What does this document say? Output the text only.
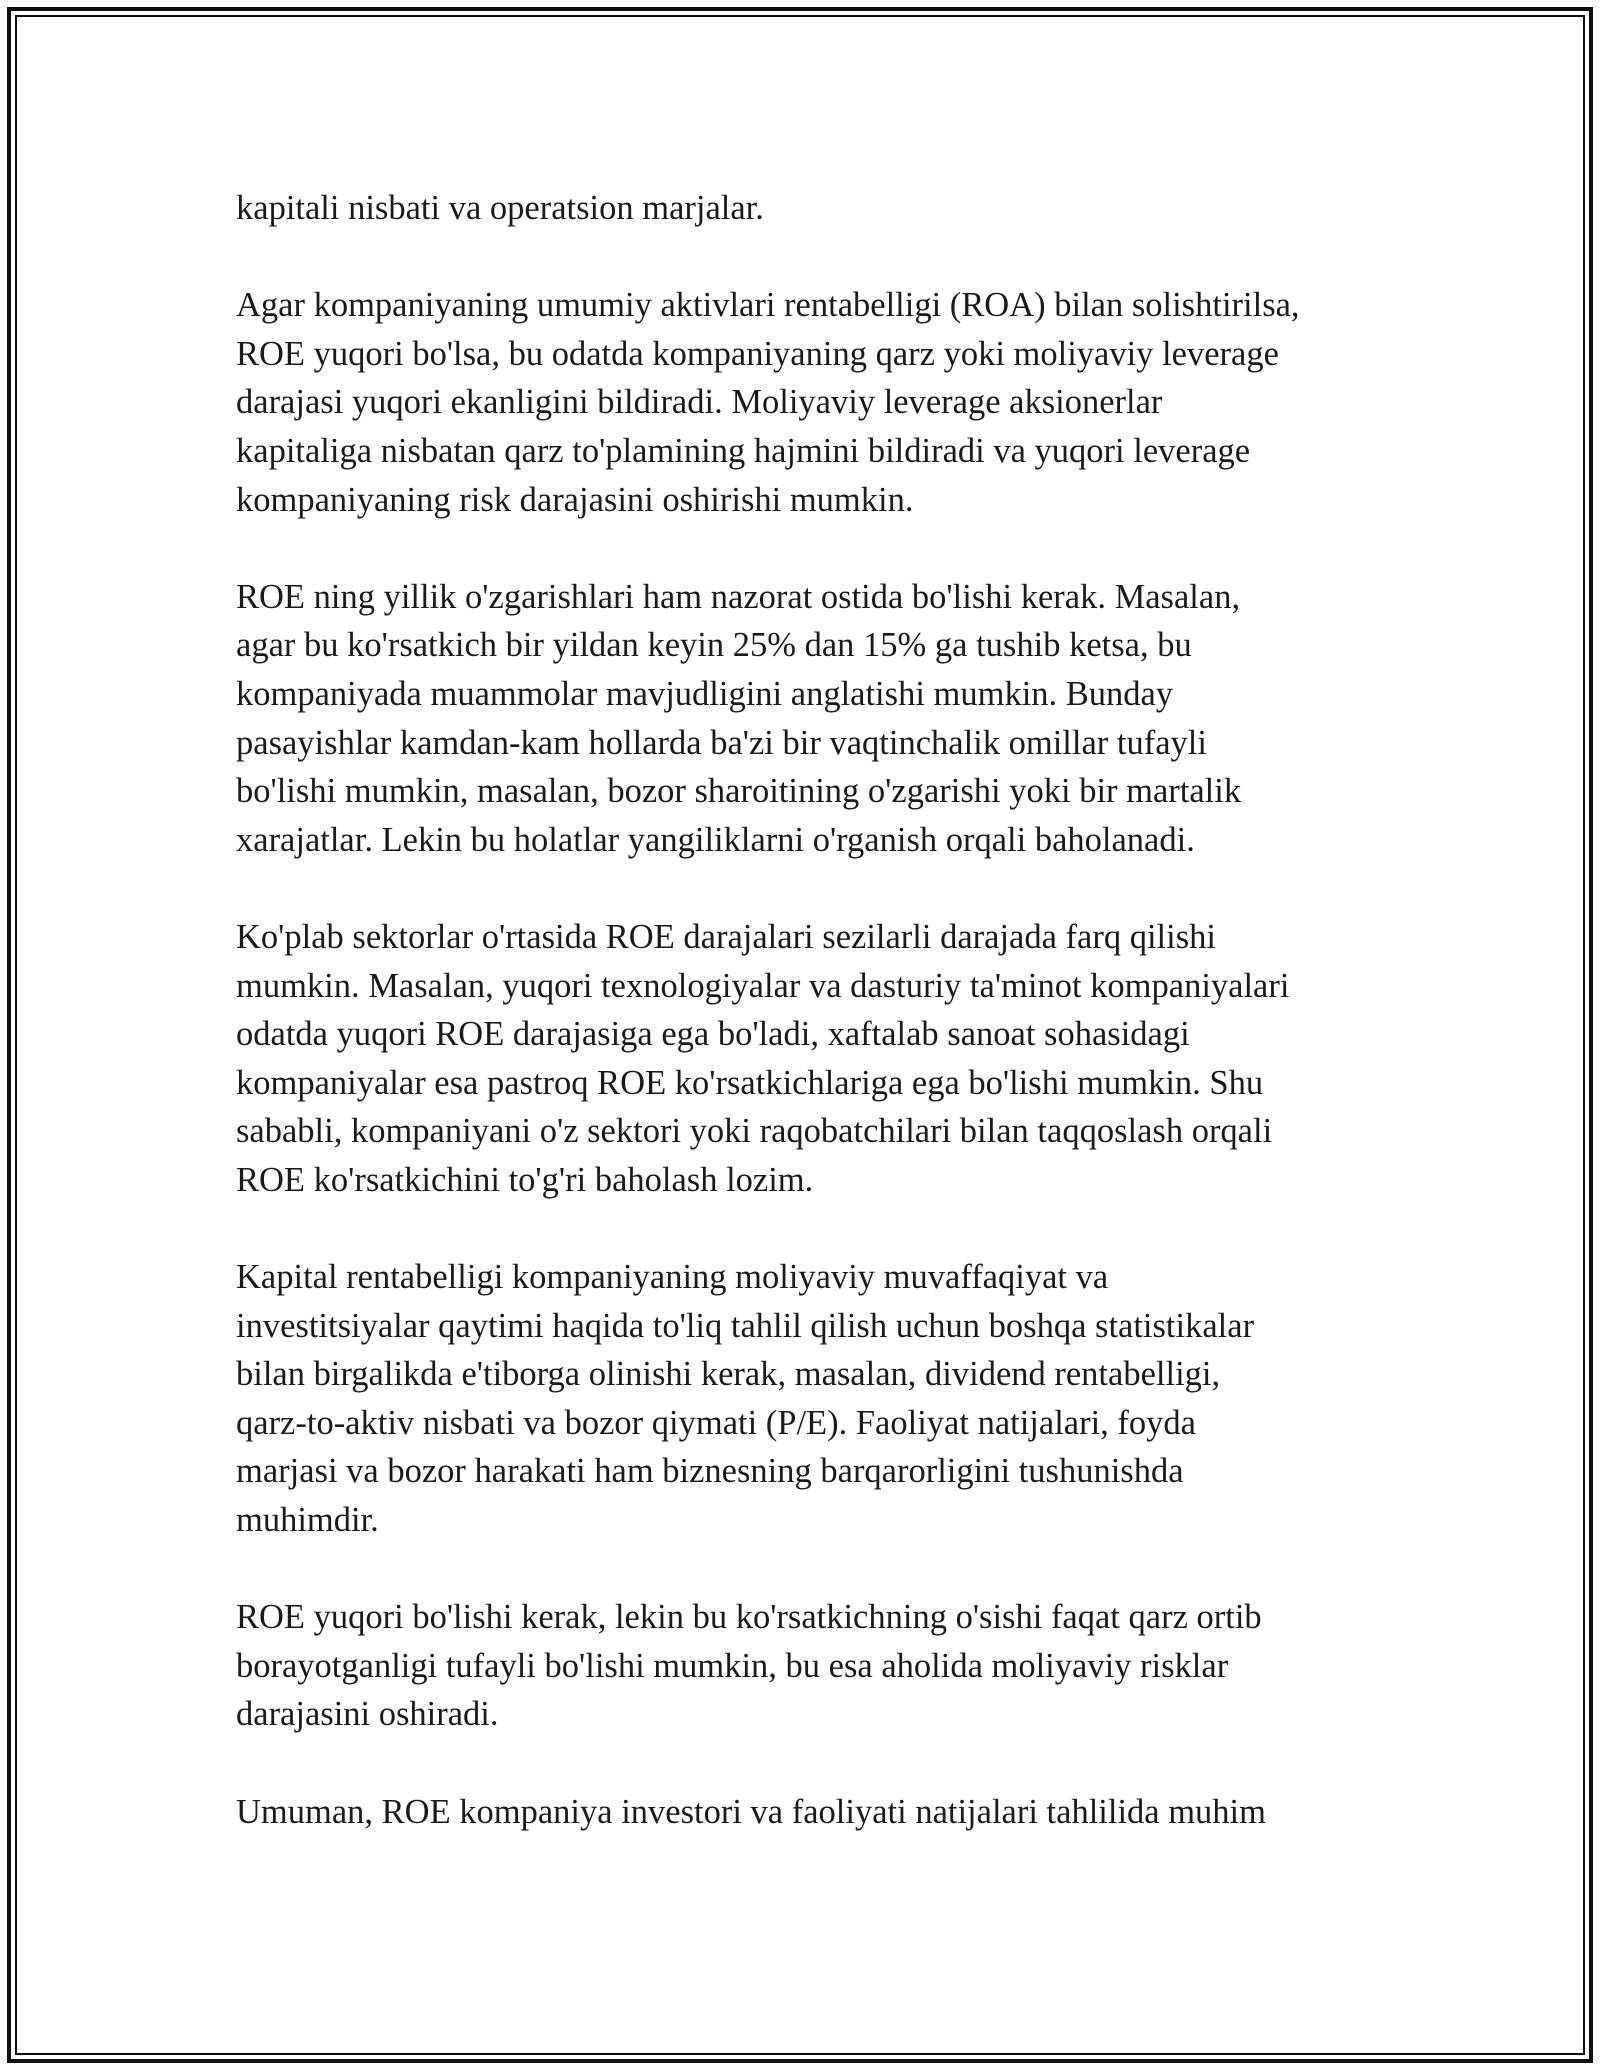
kapitali nisbati va operatsion marjalar.

Agar kompaniyaning umumiy aktivlari rentabelligi (ROA) bilan solishtirilsa,
ROE yuqori bo'lsa, bu odatda kompaniyaning qarz yoki moliyaviy leverage
darajasi yuqori ekanligini bildiradi. Moliyaviy leverage aksionerlar
kapitaliga nisbatan qarz to'plamining hajmini bildiradi va yuqori leverage
kompaniyaning risk darajasini oshirishi mumkin.

ROE ning yillik o'zgarishlari ham nazorat ostida bo'lishi kerak. Masalan,
agar bu ko'rsatkich bir yildan keyin 25% dan 15% ga tushib ketsa, bu
kompaniyada muammolar mavjudligini anglatishi mumkin. Bunday
pasayishlar kamdan-kam hollarda ba'zi bir vaqtinchalik omillar tufayli
bo'lishi mumkin, masalan, bozor sharoitining o'zgarishi yoki bir martalik
xarajatlar. Lekin bu holatlar yangiliklarni o'rganish orqali baholanadi.

Ko'plab sektorlar o'rtasida ROE darajalari sezilarli darajada farq qilishi
mumkin. Masalan, yuqori texnologiyalar va dasturiy ta'minot kompaniyalari
odatda yuqori ROE darajasiga ega bo'ladi, xaftalab sanoat sohasidagi
kompaniyalar esa pastroq ROE ko'rsatkichlariga ega bo'lishi mumkin. Shu
sababli, kompaniyani o'z sektori yoki raqobatchilari bilan taqqoslash orqali
ROE ko'rsatkichini to'g'ri baholash lozim.

Kapital rentabelligi kompaniyaning moliyaviy muvaffaqiyat va
investitsiyalar qaytimi haqida to'liq tahlil qilish uchun boshqa statistikalar
bilan birgalikda e'tiborga olinishi kerak, masalan, dividend rentabelligi,
qarz-to-aktiv nisbati va bozor qiymati (P/E). Faoliyat natijalari, foyda
marjasi va bozor harakati ham biznesning barqarorligini tushunishda
muhimdir.

ROE yuqori bo'lishi kerak, lekin bu ko'rsatkichning o'sishi faqat qarz ortib
borayotganligi tufayli bo'lishi mumkin, bu esa aholida moliyaviy risklar
darajasini oshiradi.

Umuman, ROE kompaniya investori va faoliyati natijalari tahlilida muhim
